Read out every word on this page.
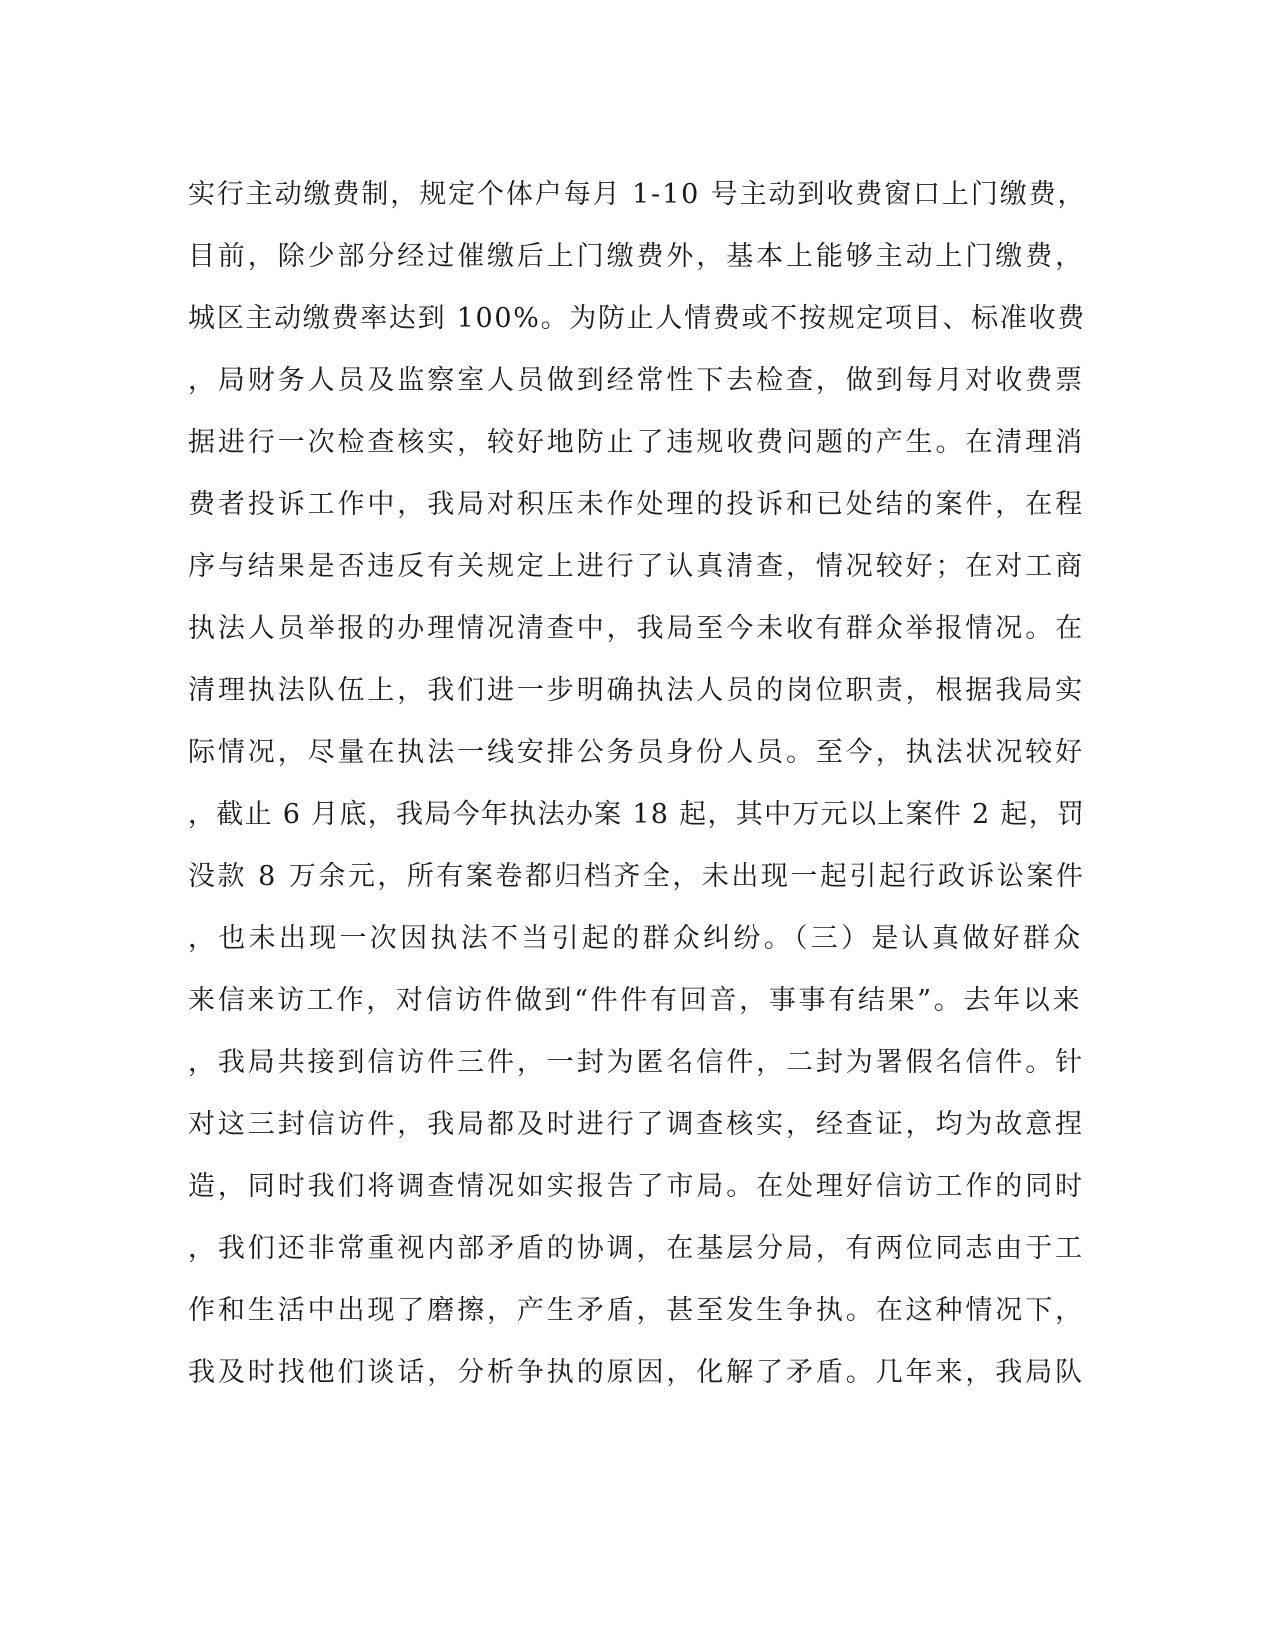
实行主动缴费制，规定个体户每月 1-10 号主动到收费窗口上门缴费，
目前，除少部分经过催缴后上门缴费外，基本上能够主动上门缴费，
城区主动缴费率达到 100%。为防止人情费或不按规定项目、标准收费
，局财务人员及监察室人员做到经常性下去检查，做到每月对收费票
据进行一次检查核实，较好地防止了违规收费问题的产生。在清理消
费者投诉工作中，我局对积压未作处理的投诉和已处结的案件，在程
序与结果是否违反有关规定上进行了认真清查，情况较好；在对工商
执法人员举报的办理情况清查中，我局至今未收有群众举报情况。在
清理执法队伍上，我们进一步明确执法人员的岗位职责，根据我局实
际情况，尽量在执法一线安排公务员身份人员。至今，执法状况较好
，截止 6 月底，我局今年执法办案 18 起，其中万元以上案件 2 起，罚
没款 8 万余元，所有案卷都归档齐全，未出现一起引起行政诉讼案件
，也未出现一次因执法不当引起的群众纠纷。（三）是认真做好群众
来信来访工作，对信访件做到“件件有回音，事事有结果”。去年以来
，我局共接到信访件三件，一封为匿名信件，二封为署假名信件。针
对这三封信访件，我局都及时进行了调查核实，经查证，均为故意捏
造，同时我们将调查情况如实报告了市局。在处理好信访工作的同时
，我们还非常重视内部矛盾的协调，在基层分局，有两位同志由于工
作和生活中出现了磨擦，产生矛盾，甚至发生争执。在这种情况下，
我及时找他们谈话，分析争执的原因，化解了矛盾。几年来，我局队
